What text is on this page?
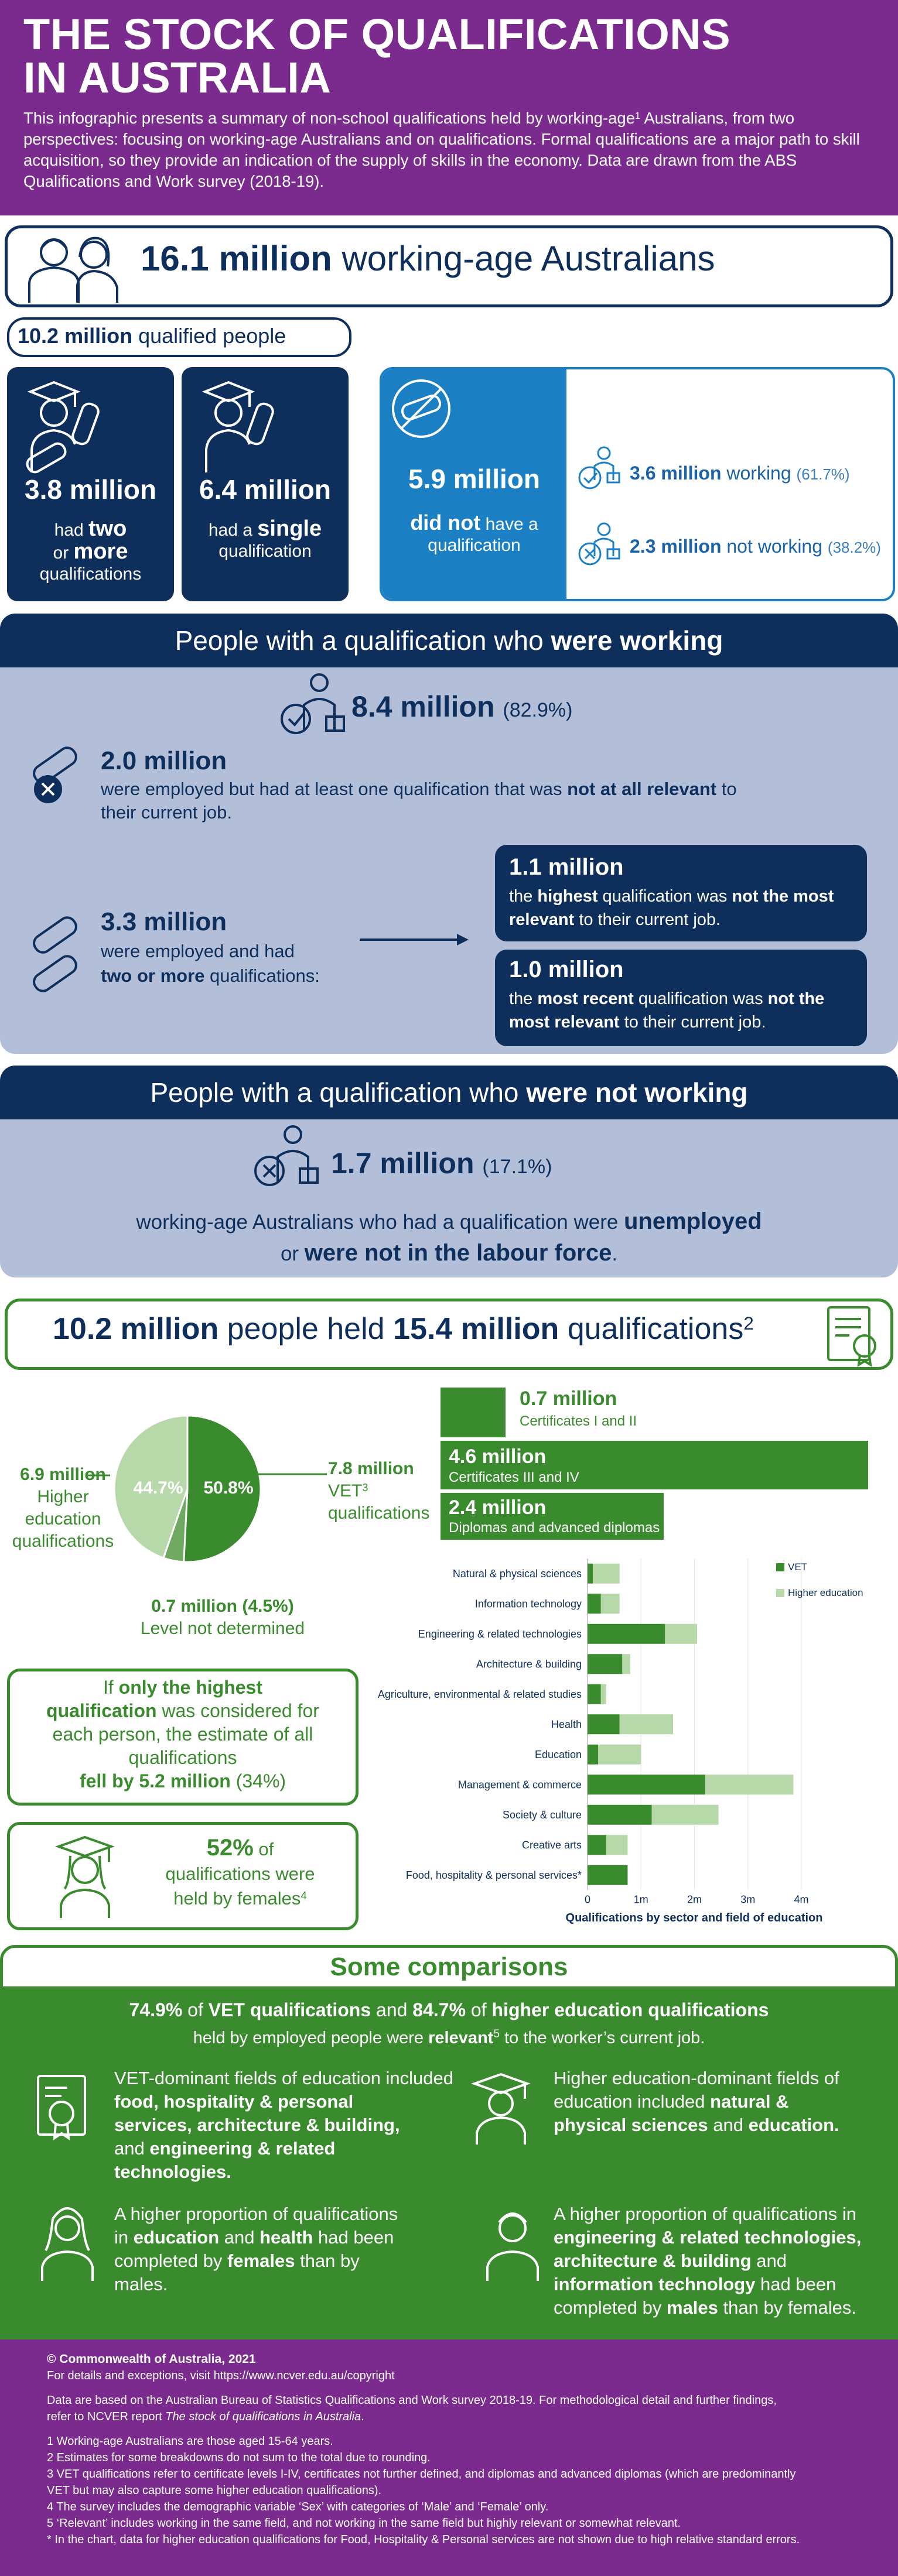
THE STOCK OF QUALIFICATIONS
IN AUSTRALIA

This infographic presents a summary of non-school qualifications held by working-age$^1$ Australians, from two perspectives: focusing on working-age Australians and on qualifications. Formal qualifications are a major path to skill acquisition, so they provide an indication of the supply of skills in the economy. Data are drawn from the ABS Qualifications and Work survey (2018-19).

16.1 million working-age Australians
10.2 million qualified people
3.8 million
had two
or more
qualifications
6.4 million
had a single
qualification
5.9 million
did not have a
qualification
3.6 million working (61.7%)
2.3 million not working (38.2%)
People with a qualification who were working
8.4 million (82.9%)
2.0 million
were employed but had at least one qualification that was not at all relevant to
their current job.
3.3 million
were employed and had
two or more qualifications:
1.1 million
the highest qualification was not the most
relevant to their current job.
1.0 million
the most recent qualification was not the
most relevant to their current job.
People with a qualification who were not working
1.7 million (17.1%)
working-age Australians who had a qualification were unemployed
or were not in the labour force.
10.2 million people held 15.4 million qualifications$^2$
44.7% 50.8%
6.9 million
Higher
education
qualifications
7.8 million
VET$^3$
qualifications
0.7 million (4.5%)
Level not determined
0.7 million
Certificates I and II
4.6 million
Certificates III and IV
2.4 million
Diplomas and advanced diplomas
If only the highest
qualification was considered for
each person, the estimate of all
qualifications
fell by 5.2 million (34%)
52% of
qualifications were
held by females$^4$
Natural & physical sciences
Information technology
Engineering & related technologies
Architecture & building
Agriculture, environmental & related studies
Health
Education
Management & commerce
Society & culture
Creative arts
Food, hospitality & personal services*
0	1m	2m	3m	4m
Qualifications by sector and field of education
VET
Higher education
Some comparisons
74.9% of VET qualifications and 84.7% of higher education qualifications
held by employed people were relevant$^5$ to the worker’s current job.
VET-dominant fields of education included
food, hospitality & personal
services, architecture & building,
and engineering & related
technologies.
Higher education-dominant fields of
education included natural &
physical sciences and education.
A higher proportion of qualifications
in education and health had been
completed by females than by
males.
A higher proportion of qualifications in
engineering & related technologies,
architecture & building and
information technology had been
completed by males than by females.
© Commonwealth of Australia, 2021
For details and exceptions, visit https://www.ncver.edu.au/copyright
Data are based on the Australian Bureau of Statistics Qualifications and Work survey 2018-19. For methodological detail and further findings,
refer to NCVER report The stock of qualifications in Australia.
1 Working-age Australians are those aged 15-64 years.
2 Estimates for some breakdowns do not sum to the total due to rounding.
3 VET qualifications refer to certificate levels I-IV, certificates not further defined, and diplomas and advanced diplomas (which are predominantly
VET but may also capture some higher education qualifications).
4 The survey includes the demographic variable ‘Sex’ with categories of ‘Male’ and ‘Female’ only.
5 ‘Relevant’ includes working in the same field, and not working in the same field but highly relevant or somewhat relevant.
* In the chart, data for higher education qualifications for Food, Hospitality & Personal services are not shown due to high relative standard errors.
